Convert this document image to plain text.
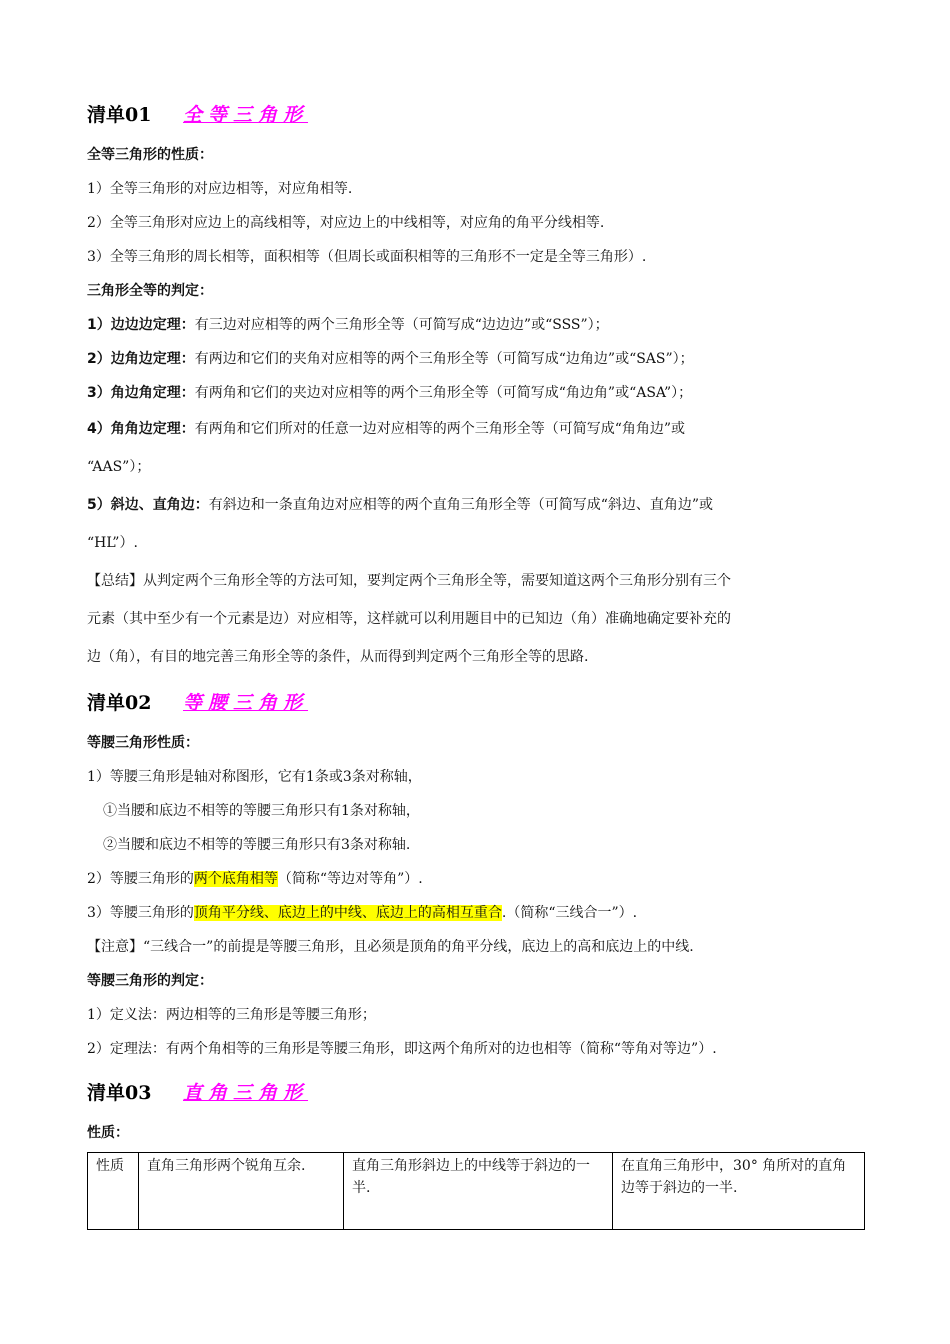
清单01	全等三角形
全等三角形的性质：
1）全等三角形的对应边相等，对应角相等.
2）全等三角形对应边上的高线相等，对应边上的中线相等，对应角的角平分线相等.
3）全等三角形的周长相等，面积相等（但周长或面积相等的三角形不一定是全等三角形）.
三角形全等的判定：
1）边边边定理：有三边对应相等的两个三角形全等（可简写成“边边边”或“SSS”）；
2）边角边定理：有两边和它们的夹角对应相等的两个三角形全等（可简写成“边角边”或“SAS”）；
3）角边角定理：有两角和它们的夹边对应相等的两个三角形全等（可简写成“角边角”或“ASA”）；
4）角角边定理：有两角和它们所对的任意一边对应相等的两个三角形全等（可简写成“角角边”或
“AAS”）；
5）斜边、直角边：有斜边和一条直角边对应相等的两个直角三角形全等（可简写成“斜边、直角边”或
“HL”）.
【总结】从判定两个三角形全等的方法可知，要判定两个三角形全等，需要知道这两个三角形分别有三个
元素（其中至少有一个元素是边）对应相等，这样就可以利用题目中的已知边（角）准确地确定要补充的
边（角），有目的地完善三角形全等的条件，从而得到判定两个三角形全等的思路.
清单02	等腰三角形
等腰三角形性质：
1）等腰三角形是轴对称图形，它有1条或3条对称轴，
①当腰和底边不相等的等腰三角形只有1条对称轴，
②当腰和底边不相等的等腰三角形只有3条对称轴.
2）等腰三角形的两个底角相等（简称“等边对等角”）.
3）等腰三角形的顶角平分线、底边上的中线、底边上的高相互重合.（简称“三线合一”）.
【注意】“三线合一”的前提是等腰三角形，且必须是顶角的角平分线，底边上的高和底边上的中线.
等腰三角形的判定：
1）定义法：两边相等的三角形是等腰三角形；
2）定理法：有两个角相等的三角形是等腰三角形，即这两个角所对的边也相等（简称“等角对等边”）.
清单03	直角三角形
性质：
性质	直角三角形两个锐角互余.	直角三角形斜边上的中线等于斜边的一半.	在直角三角形中，30° 角所对的直角边等于斜边的一半.
